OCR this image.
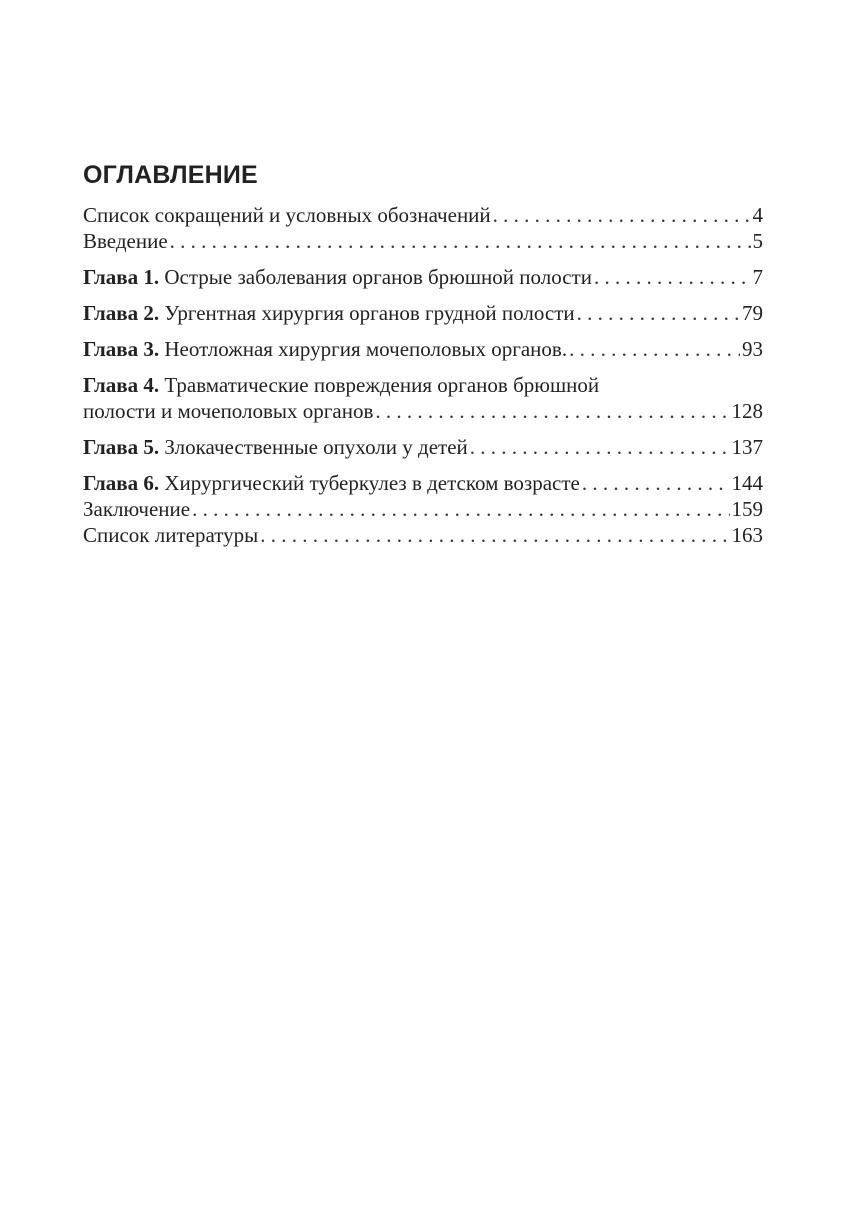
ОГЛАВЛЕНИЕ
Список сокращений и условных обозначений . . .	4
Введение . . .	5
Глава 1. Острые заболевания органов брюшной полости . . .	7
Глава 2. Ургентная хирургия органов грудной полости . . .	79
Глава 3. Неотложная хирургия мочеполовых органов. . . .	93
Глава 4. Травматические повреждения органов брюшной
полости и мочеполовых органов . . .	128
Глава 5. Злокачественные опухоли у детей . . .	137
Глава 6. Хирургический туберкулез в детском возрасте . . .	144
Заключение . . .	159
Список литературы . . .	163
